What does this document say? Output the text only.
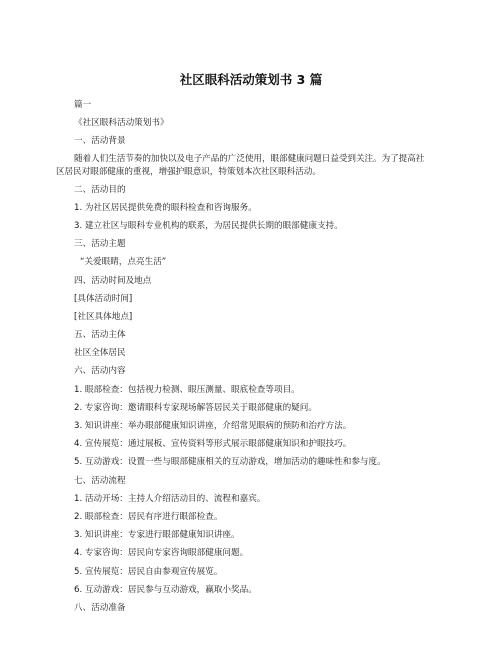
社区眼科活动策划书 3 篇
篇一
《社区眼科活动策划书》
一、活动背景
随着人们生活节奏的加快以及电子产品的广泛使用，眼部健康问题日益受到关注。为了提高社区居民对眼部健康的重视，增强护眼意识，特策划本次社区眼科活动。
二、活动目的
1. 为社区居民提供免费的眼科检查和咨询服务。
3. 建立社区与眼科专业机构的联系，为居民提供长期的眼部健康支持。
三、活动主题
“关爱眼睛，点亮生活”
四、活动时间及地点
[具体活动时间]
[社区具体地点]
五、活动主体
社区全体居民
六、活动内容
1. 眼部检查：包括视力检测、眼压测量、眼底检查等项目。
2. 专家咨询：邀请眼科专家现场解答居民关于眼部健康的疑问。
3. 知识讲座：举办眼部健康知识讲座，介绍常见眼病的预防和治疗方法。
4. 宣传展览：通过展板、宣传资料等形式展示眼部健康知识和护眼技巧。
5. 互动游戏：设置一些与眼部健康相关的互动游戏，增加活动的趣味性和参与度。
七、活动流程
1. 活动开场：主持人介绍活动目的、流程和嘉宾。
2. 眼部检查：居民有序进行眼部检查。
3. 知识讲座：专家进行眼部健康知识讲座。
4. 专家咨询：居民向专家咨询眼部健康问题。
5. 宣传展览：居民自由参观宣传展览。
6. 互动游戏：居民参与互动游戏，赢取小奖品。
八、活动准备
